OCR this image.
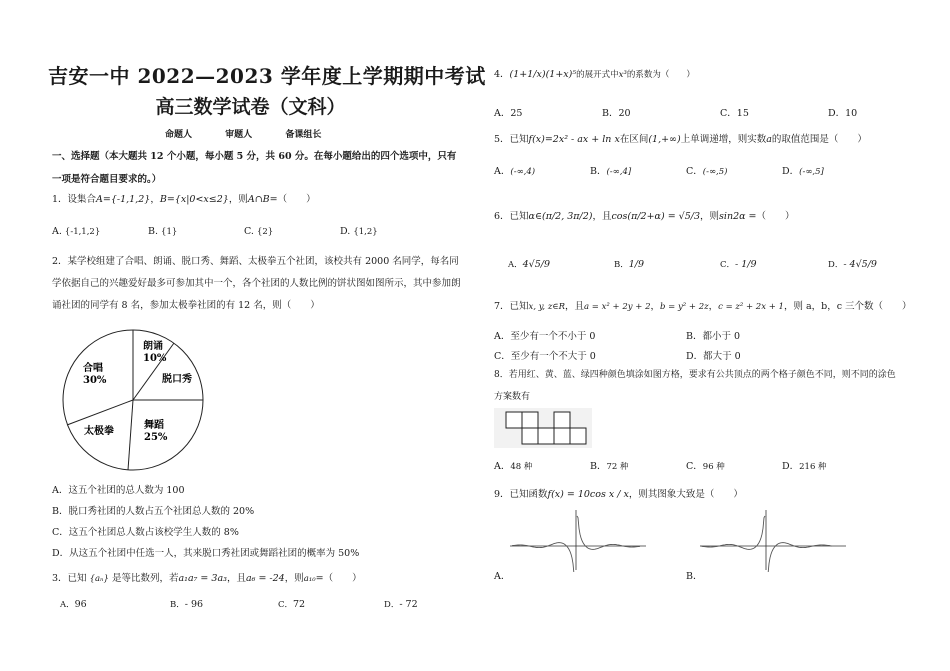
吉安一中 2022—2023 学年度上学期期中考试
高三数学试卷（文科）
命题人	审题人	备课组长
一、选择题（本大题共 12 个小题，每小题 5 分，共 60 分。在每小题给出的四个选项中，只有一项是符合题目要求的。）
1．设集合A={-1,1,2}，B={x|0<x≤2}，则A∩B=（　　）
A. {-1,1,2}	B. {1}	C. {2}	D. {1,2}
2．某学校组建了合唱、朗诵、脱口秀、舞蹈、太极拳五个社团，该校共有 2000 名同学，每名同学依据自己的兴趣爱好最多可参加其中一个，各个社团的人数比例的饼状图如图所示，其中参加朗诵社团的同学有 8 名，参加太极拳社团的有 12 名，则（　　）
朗诵
10%
脱口秀
舞蹈
25%
太极拳
合唱
30%
A．这五个社团的总人数为 100
B．脱口秀社团的人数占五个社团总人数的 20%
C．这五个社团总人数占该校学生人数的 8%
D．从这五个社团中任选一人，其来脱口秀社团或舞蹈社团的概率为 50%
3．已知 {aₙ} 是等比数列，若a₁a₇ = 3a₃，且a₆ = -24，则a₁₀=（　　）
A．96	B．- 96	C．72	D．- 72
4．(1+1/x)(1+x)⁵的展开式中x³的系数为（　　）
A．25	B．20	C．15	D．10
5．已知f(x)=2x² - ax + ln x在区间(1,+∞)上单调递增，则实数a的取值范围是（　　）
A．(-∞,4)	B．(-∞,4]	C．(-∞,5)	D．(-∞,5]
6．已知α∈(π/2, 3π/2)，且cos(π/2+α) = √5/3，则sin2α =（　　）
A．4√5/9	B．1/9	C．- 1/9	D．- 4√5/9
7．已知x, y, z∈R，且a = x² + 2y + 2，b = y² + 2z，c = z² + 2x + 1，则 a，b，c 三个数（　　）
A．至少有一个不小于 0	B．都小于 0
C．至少有一个不大于 0	D．都大于 0
8．若用红、黄、蓝、绿四种颜色填涂如图方格，要求有公共顶点的两个格子颜色不同，则不同的涂色方案数有
A．48 种	B．72 种	C．96 种	D．216 种
9．已知函数f(x) = 10cos x / x，则其图象大致是（　　）
A．	B．
